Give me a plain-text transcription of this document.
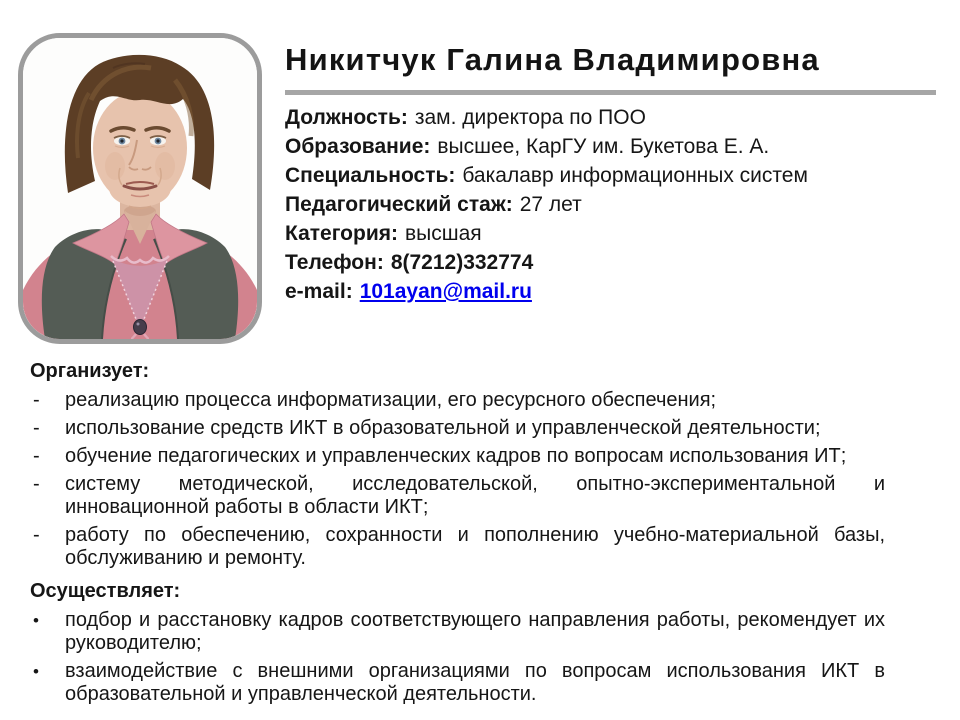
Никитчук Галина Владимировна
Должность: зам. директора по ПОО
Образование: высшее, КарГУ им. Букетова Е. А.
Специальность: бакалавр информационных систем
Педагогический стаж: 27 лет
Категория: высшая
Телефон: 8(7212)332774
e-mail: 101ayan@mail.ru
Организует:
-	реализацию процесса информатизации, его ресурсного обеспечения;
-	использование средств ИКТ в образовательной и управленческой деятельности;
-	обучение педагогических и управленческих кадров по вопросам использования ИТ;
-	систему методической, исследовательской, опытно-экспериментальной и инновационной работы в области ИКТ;
-	работу по обеспечению, сохранности и пополнению учебно-материальной базы, обслуживанию и ремонту.
Осуществляет:
•	подбор и расстановку кадров соответствующего направления работы, рекомендует их руководителю;
•	взаимодействие с внешними организациями по вопросам использования ИКТ в образовательной и управленческой деятельности.
